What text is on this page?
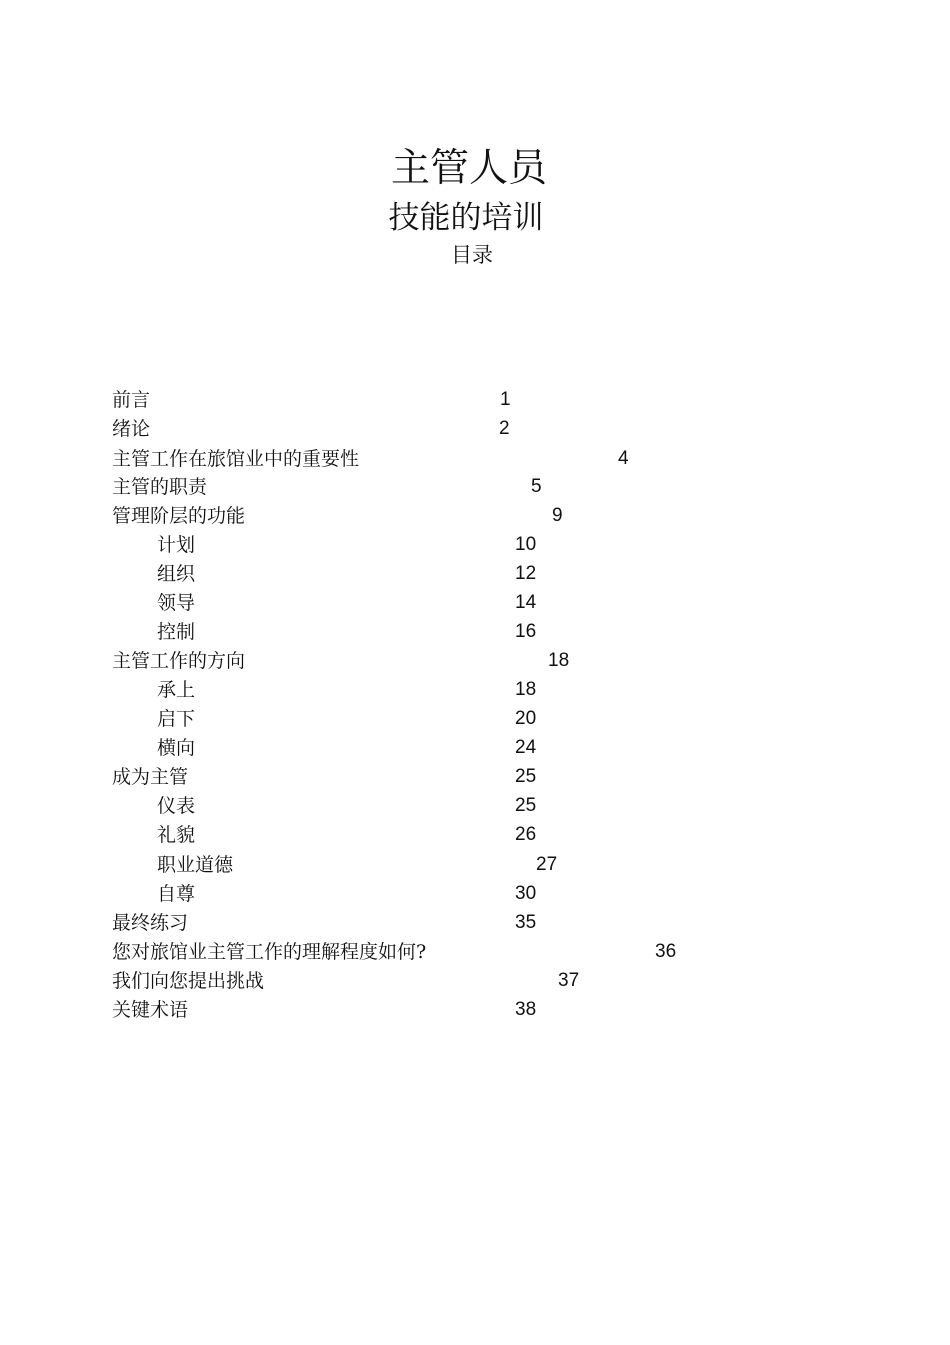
主管人员
技能的培训
目录
前言	1
绪论	2
主管工作在旅馆业中的重要性	4
主管的职责	5
管理阶层的功能	9
计划	10
组织	12
领导	14
控制	16
主管工作的方向	18
承上	18
启下	20
横向	24
成为主管	25
仪表	25
礼貌	26
职业道德	27
自尊	30
最终练习	35
您对旅馆业主管工作的理解程度如何?	36
我们向您提出挑战	37
关键术语	38
